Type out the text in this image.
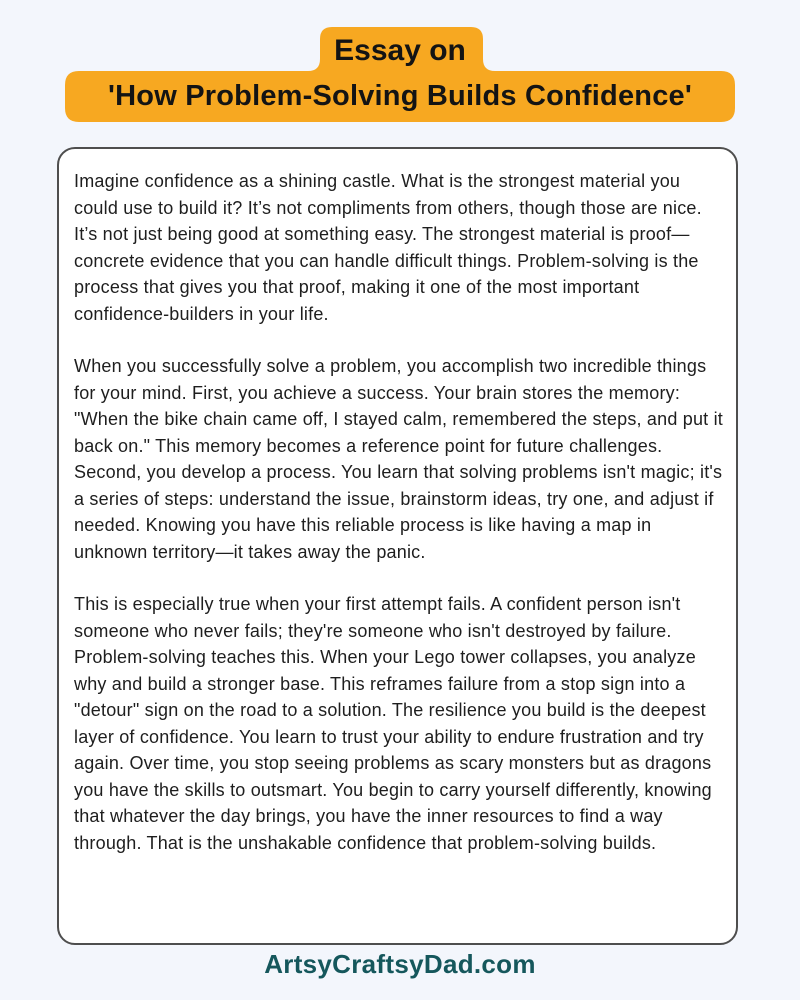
Essay on
'How Problem-Solving Builds Confidence'

Imagine confidence as a shining castle. What is the strongest material you could use to build it? It’s not compliments from others, though those are nice. It’s not just being good at something easy. The strongest material is proof—concrete evidence that you can handle difficult things. Problem-solving is the process that gives you that proof, making it one of the most important confidence-builders in your life.

When you successfully solve a problem, you accomplish two incredible things for your mind. First, you achieve a success. Your brain stores the memory: "When the bike chain came off, I stayed calm, remembered the steps, and put it back on." This memory becomes a reference point for future challenges. Second, you develop a process. You learn that solving problems isn't magic; it's a series of steps: understand the issue, brainstorm ideas, try one, and adjust if needed. Knowing you have this reliable process is like having a map in unknown territory—it takes away the panic.

This is especially true when your first attempt fails. A confident person isn't someone who never fails; they're someone who isn't destroyed by failure. Problem-solving teaches this. When your Lego tower collapses, you analyze why and build a stronger base. This reframes failure from a stop sign into a "detour" sign on the road to a solution. The resilience you build is the deepest layer of confidence. You learn to trust your ability to endure frustration and try again. Over time, you stop seeing problems as scary monsters but as dragons you have the skills to outsmart. You begin to carry yourself differently, knowing that whatever the day brings, you have the inner resources to find a way through. That is the unshakable confidence that problem-solving builds.

ArtsyCraftsyDad.com
